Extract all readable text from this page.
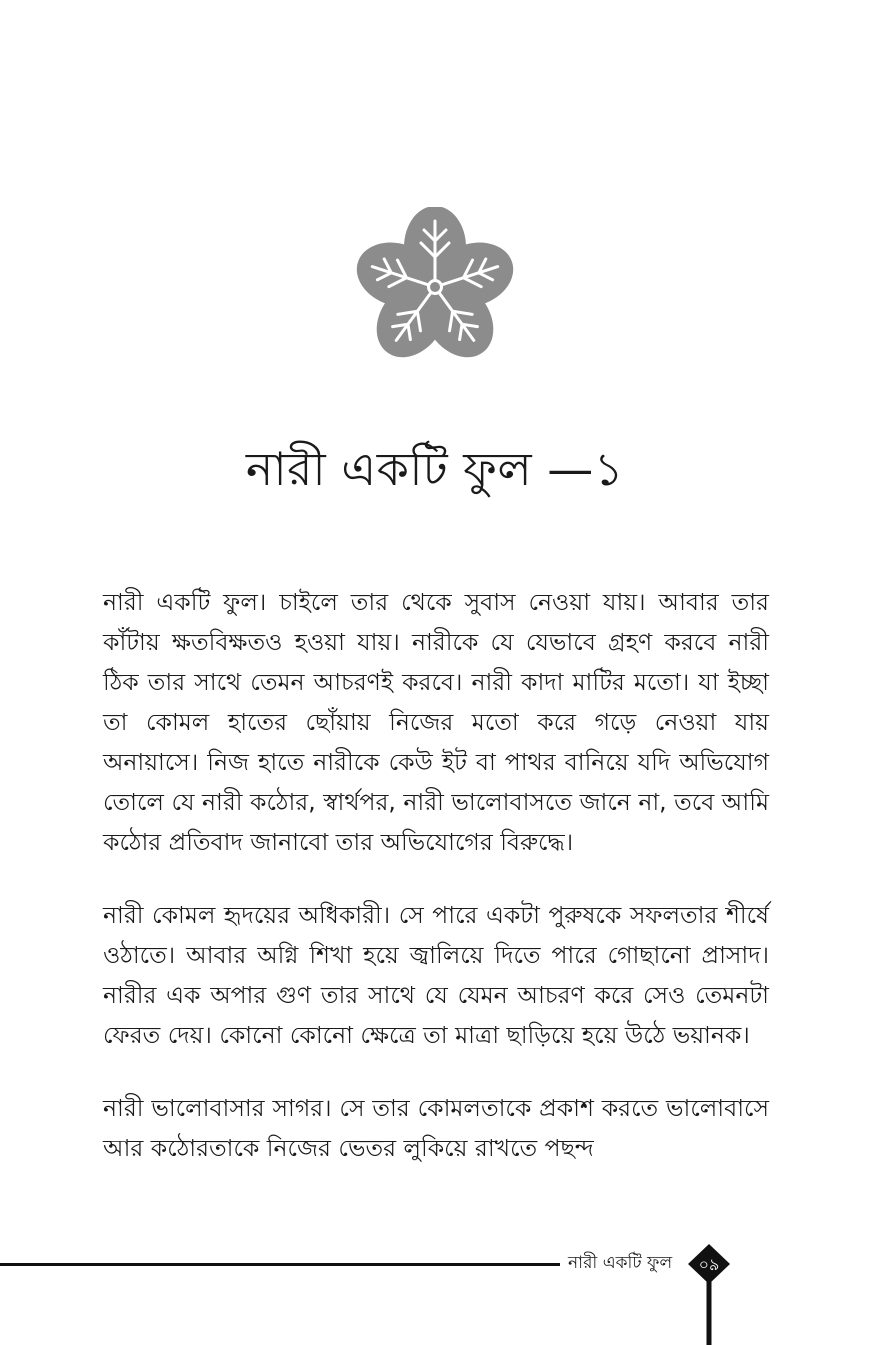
নারী একটি ফুল —১

নারী একটি ফুল। চাইলে তার থেকে সুবাস নেওয়া যায়। আবার তার কাঁটায় ক্ষতবিক্ষতও হওয়া যায়। নারীকে যে যেভাবে গ্রহণ করবে নারী ঠিক তার সাথে তেমন আচরণই করবে। নারী কাদা মাটির মতো। যা ইচ্ছা তা কোমল হাতের ছোঁয়ায় নিজের মতো করে গড়ে নেওয়া যায় অনায়াসে। নিজ হাতে নারীকে কেউ ইট বা পাথর বানিয়ে যদি অভিযোগ তোলে যে নারী কঠোর, স্বার্থপর, নারী ভালোবাসতে জানে না, তবে আমি কঠোর প্রতিবাদ জানাবো তার অভিযোগের বিরুদ্ধে।

নারী কোমল হৃদয়ের অধিকারী। সে পারে একটা পুরুষকে সফলতার শীর্ষে ওঠাতে। আবার অগ্নি শিখা হয়ে জ্বালিয়ে দিতে পারে গোছানো প্রাসাদ। নারীর এক অপার গুণ তার সাথে যে যেমন আচরণ করে সেও তেমনটা ফেরত দেয়। কোনো কোনো ক্ষেত্রে তা মাত্রা ছাড়িয়ে হয়ে উঠে ভয়ানক।

নারী ভালোবাসার সাগর। সে তার কোমলতাকে প্রকাশ করতে ভালোবাসে আর কঠোরতাকে নিজের ভেতর লুকিয়ে রাখতে পছন্দ

নারী একটি ফুল	০৯
